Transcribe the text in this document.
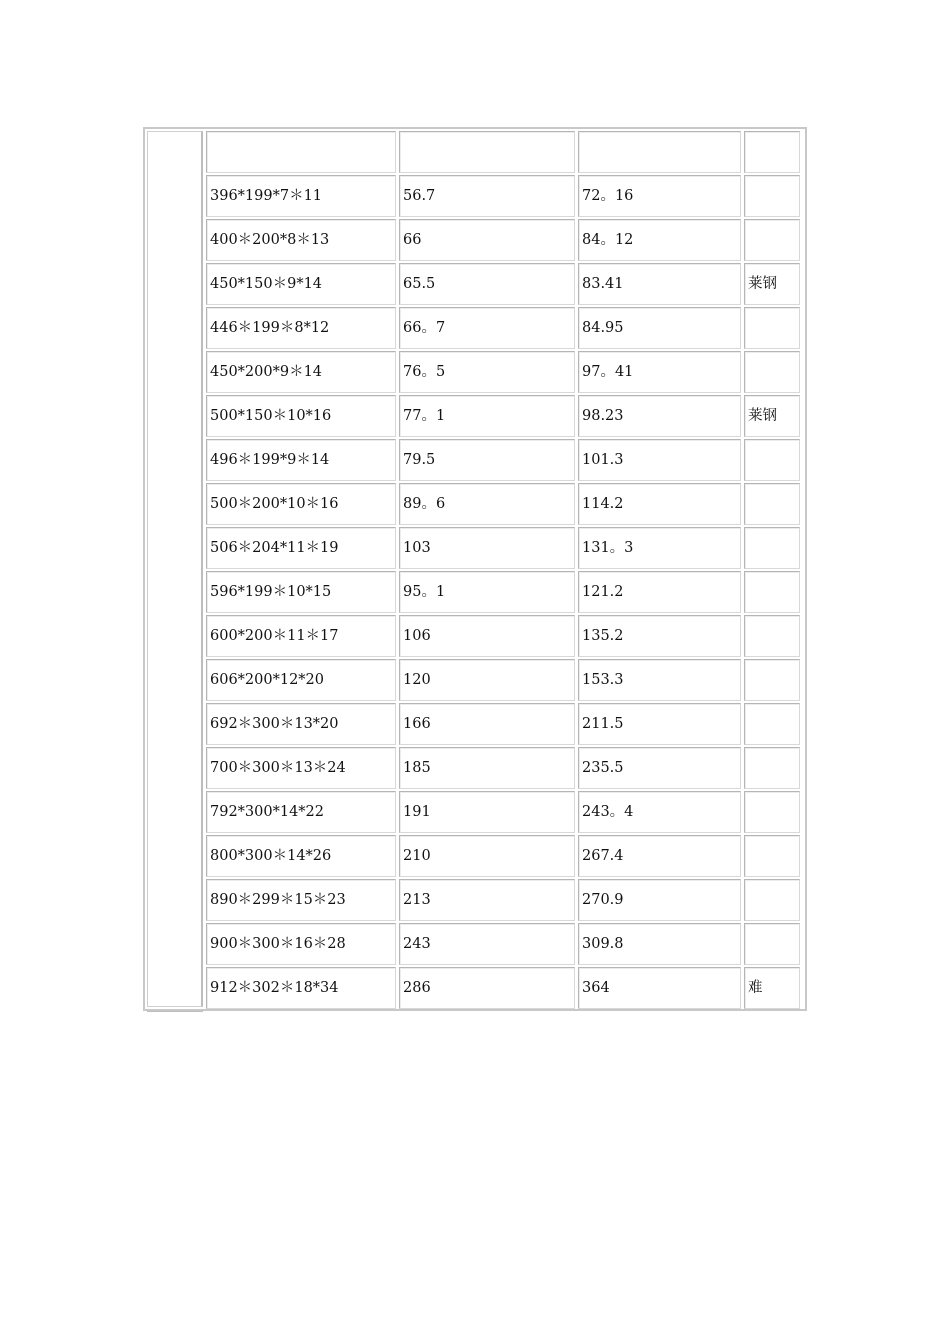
396*199*7＊11	56.7	72。16
400＊200*8＊13	66	84。12
450*150＊9*14	65.5	83.41	莱钢
446＊199＊8*12	66。7	84.95
450*200*9＊14	76。5	97。41
500*150＊10*16	77。1	98.23	莱钢
496＊199*9＊14	79.5	101.3
500＊200*10＊16	89。6	114.2
506＊204*11＊19	103	131。3
596*199＊10*15	95。1	121.2
600*200＊11＊17	106	135.2
606*200*12*20	120	153.3
692＊300＊13*20	166	211.5
700＊300＊13＊24	185	235.5
792*300*14*22	191	243。4
800*300＊14*26	210	267.4
890＊299＊15＊23	213	270.9
900＊300＊16＊28	243	309.8
912＊302＊18*34	286	364	难
